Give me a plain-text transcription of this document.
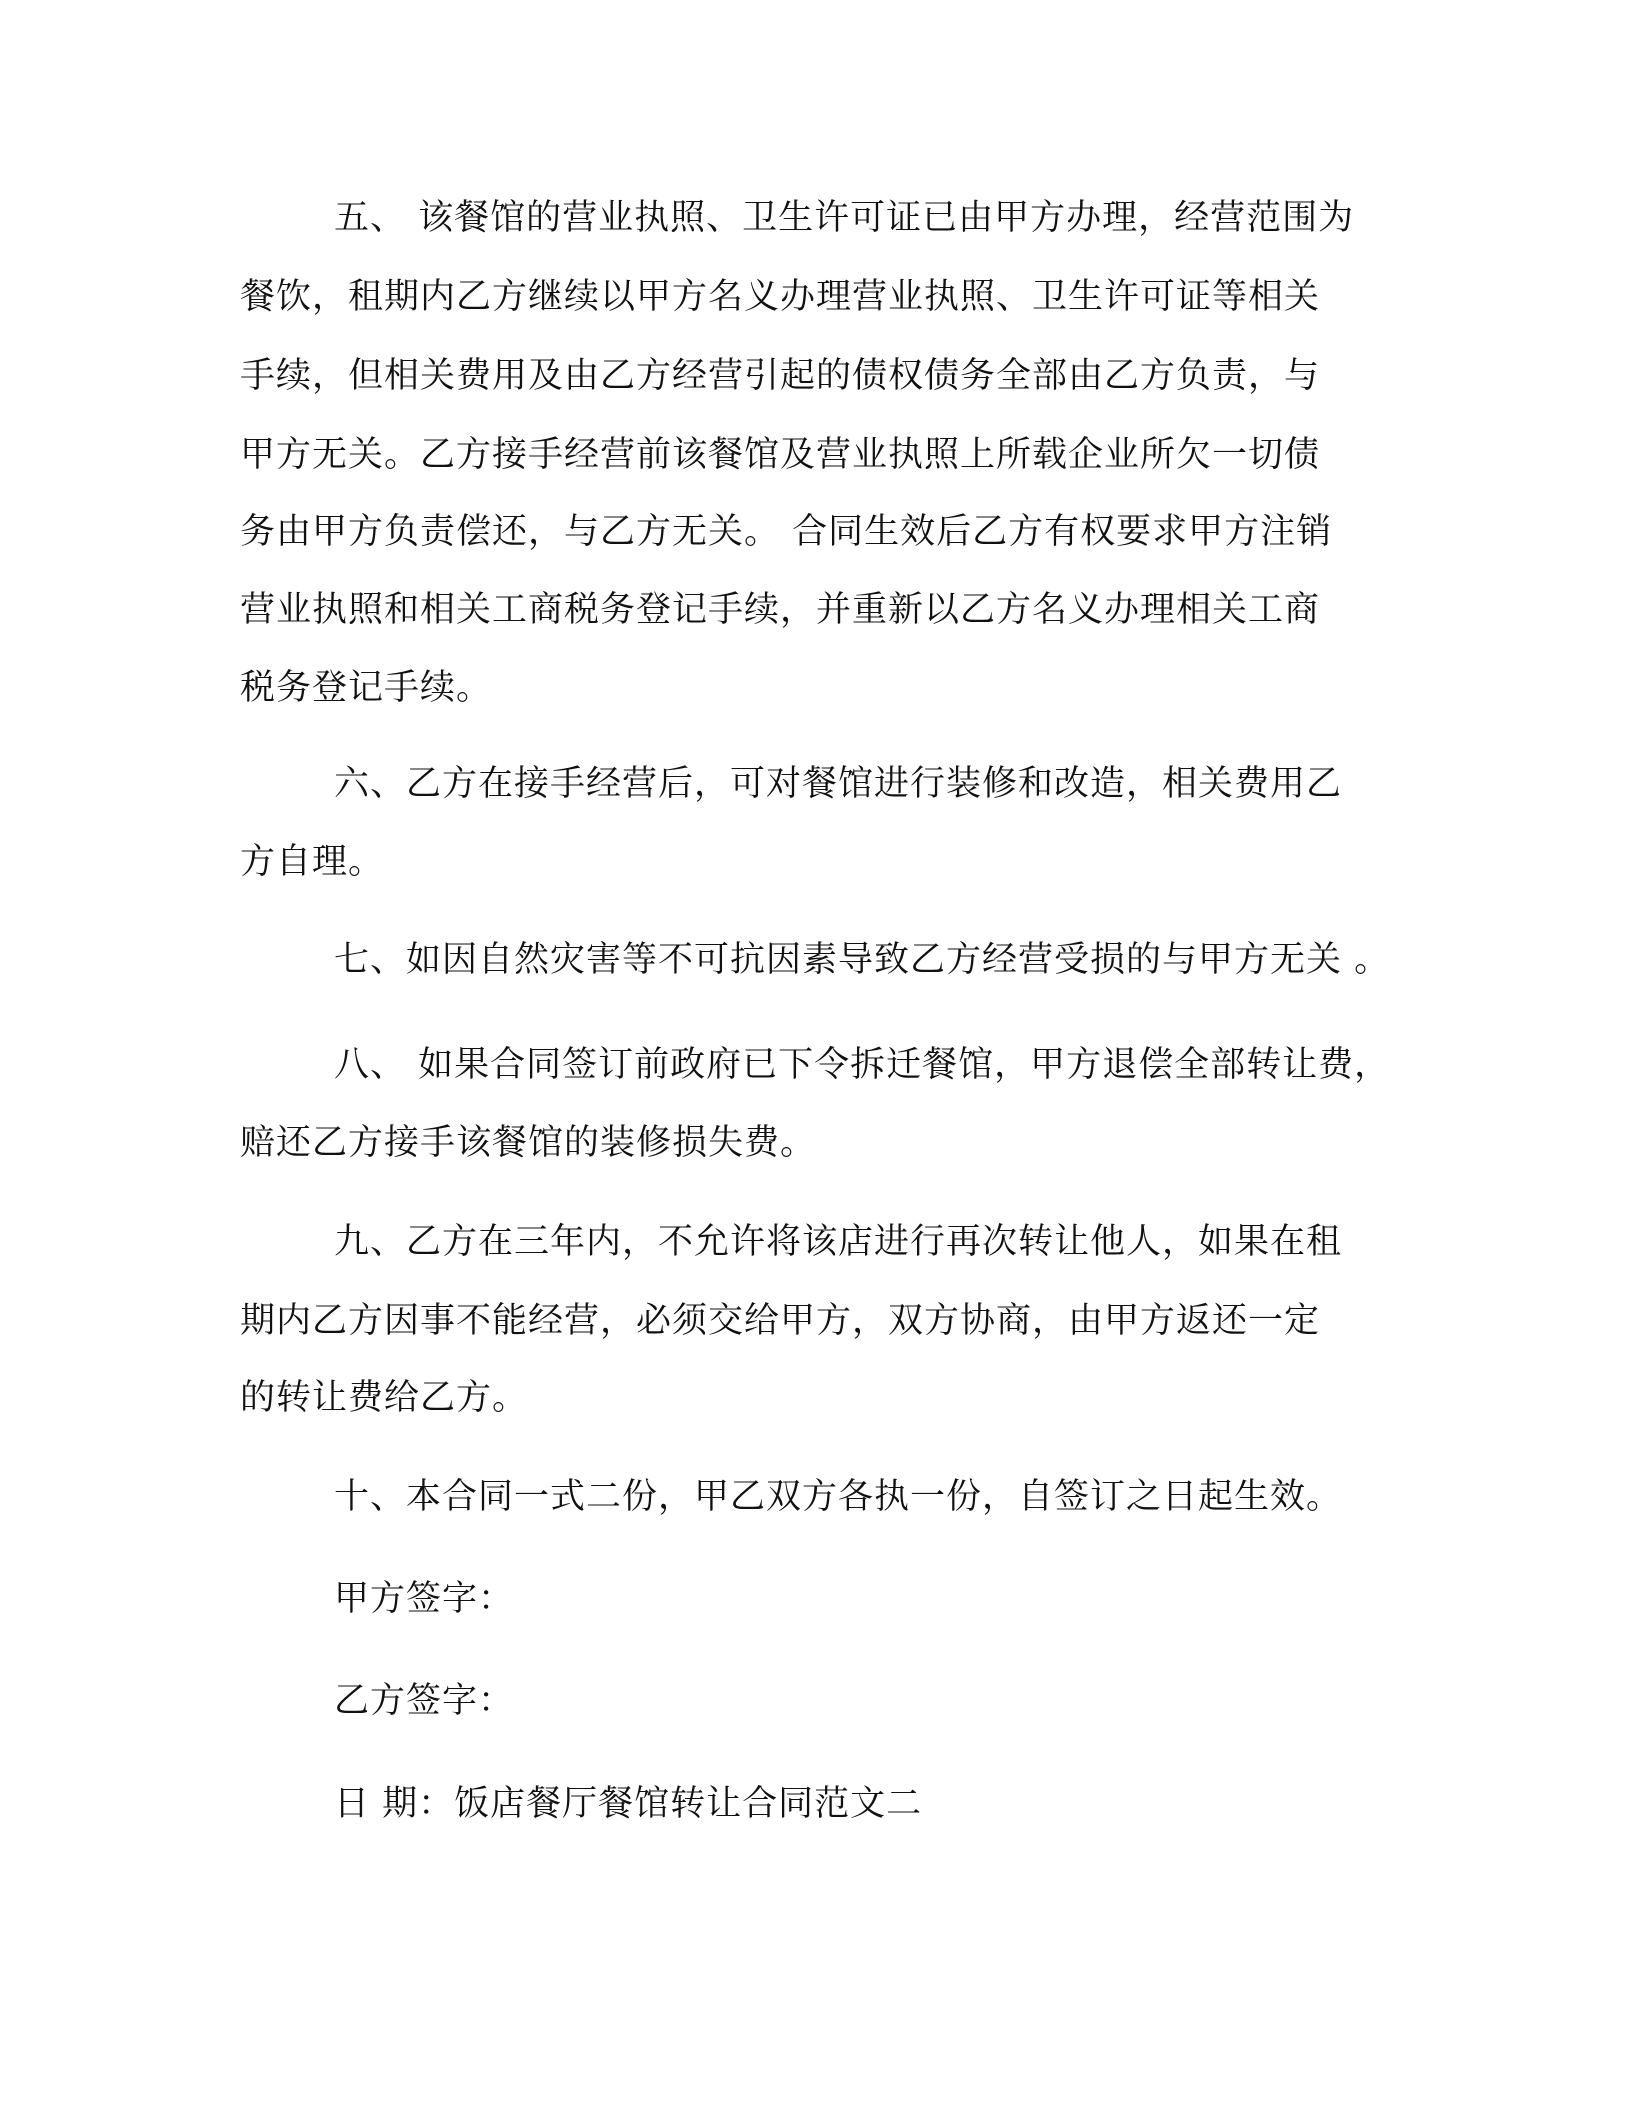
五、 该餐馆的营业执照、卫生许可证已由甲方办理，经营范围为
餐饮，租期内乙方继续以甲方名义办理营业执照、卫生许可证等相关
手续，但相关费用及由乙方经营引起的债权债务全部由乙方负责，与
甲方无关。乙方接手经营前该餐馆及营业执照上所载企业所欠一切债
务由甲方负责偿还，与乙方无关。 合同生效后乙方有权要求甲方注销
营业执照和相关工商税务登记手续，并重新以乙方名义办理相关工商
税务登记手续。
六、乙方在接手经营后，可对餐馆进行装修和改造，相关费用乙
方自理。
七、如因自然灾害等不可抗因素导致乙方经营受损的与甲方无关 。
八、 如果合同签订前政府已下令拆迁餐馆，甲方退偿全部转让费，
赔还乙方接手该餐馆的装修损失费。
九、乙方在三年内，不允许将该店进行再次转让他人，如果在租
期内乙方因事不能经营，必须交给甲方，双方协商，由甲方返还一定
的转让费给乙方。
十、本合同一式二份，甲乙双方各执一份，自签订之日起生效。
甲方签字：
乙方签字：
日 期：饭店餐厅餐馆转让合同范文二
